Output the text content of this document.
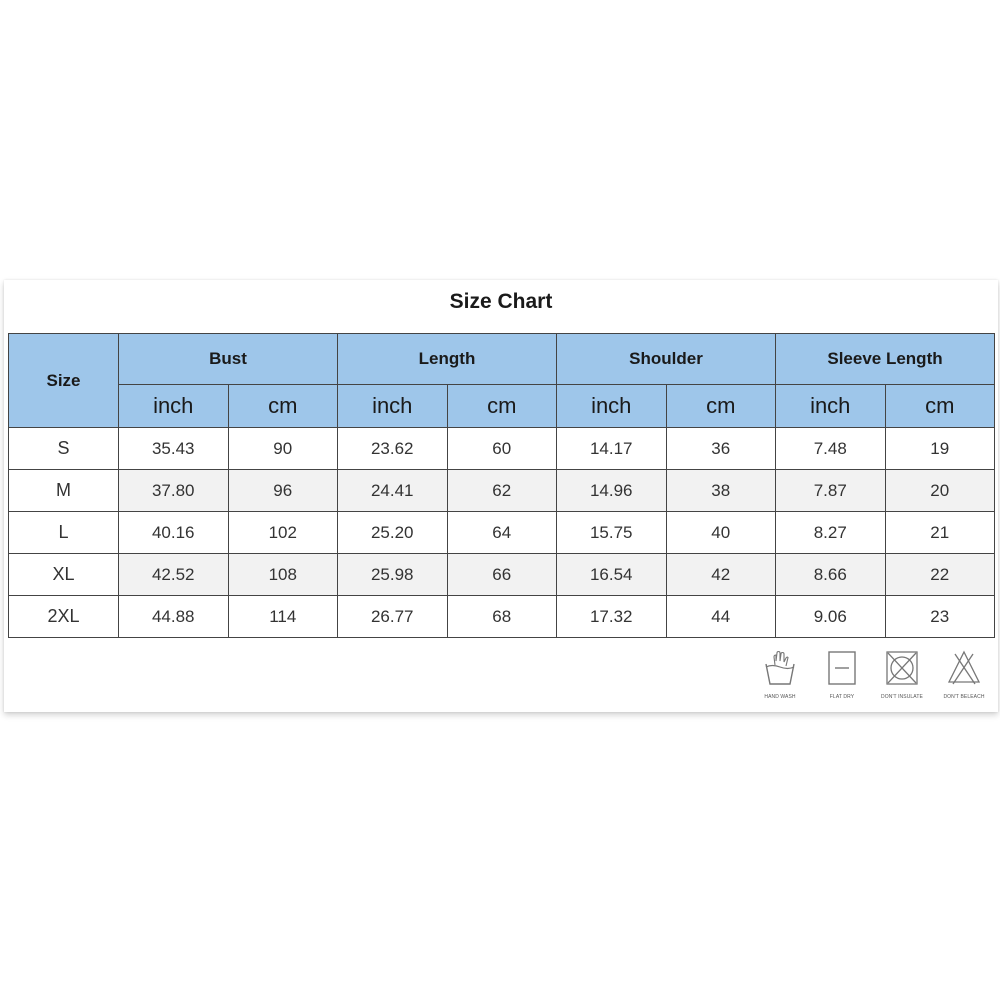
Size Chart
Size	Bust		Length		Shoulder		Sleeve Length	
	inch	cm	inch	cm	inch	cm	inch	cm
S	35.43	90	23.62	60	14.17	36	7.48	19
M	37.80	96	24.41	62	14.96	38	7.87	20
L	40.16	102	25.20	64	15.75	40	8.27	21
XL	42.52	108	25.98	66	16.54	42	8.66	22
2XL	44.88	114	26.77	68	17.32	44	9.06	23
HAND WASH	FLAT DRY	DON'T INSULATE	DON'T BELEACH
